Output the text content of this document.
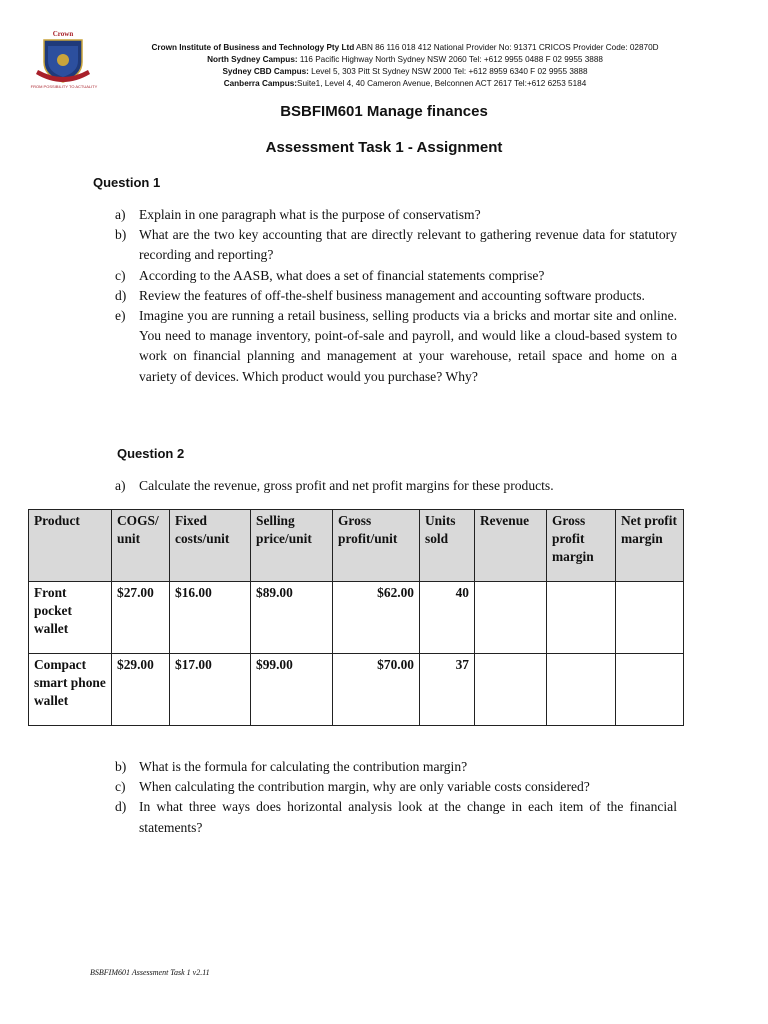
Crown
FROM POSSIBILITY TO ACTUALITY
Crown Institute of Business and Technology Pty Ltd ABN 86 116 018 412 National Provider No: 91371 CRICOS Provider Code: 02870D
North Sydney Campus: 116 Pacific Highway North Sydney NSW 2060 Tel: +612 9955 0488 F 02 9955 3888
Sydney CBD Campus: Level 5, 303 Pitt St Sydney NSW 2000 Tel: +612 8959 6340 F 02 9955 3888
Canberra Campus:Suite1, Level 4, 40 Cameron Avenue, Belconnen ACT 2617 Tel:+612 6253 5184
BSBFIM601 Manage finances
Assessment Task 1 - Assignment
Question 1
a) Explain in one paragraph what is the purpose of conservatism?
b) What are the two key accounting that are directly relevant to gathering revenue data for statutory recording and reporting?
c) According to the AASB, what does a set of financial statements comprise?
d) Review the features of off-the-shelf business management and accounting software products.
e) Imagine you are running a retail business, selling products via a bricks and mortar site and online. You need to manage inventory, point-of-sale and payroll, and would like a cloud-based system to work on financial planning and management at your warehouse, retail space and home on a variety of devices. Which product would you purchase? Why?
Question 2
a) Calculate the revenue, gross profit and net profit margins for these products.
Product	COGS/ unit	Fixed costs/unit	Selling price/unit	Gross profit/unit	Units sold	Revenue	Gross profit margin	Net profit margin
Front pocket wallet	$27.00	$16.00	$89.00	$62.00	40			
Compact smart phone wallet	$29.00	$17.00	$99.00	$70.00	37			
b) What is the formula for calculating the contribution margin?
c) When calculating the contribution margin, why are only variable costs considered?
d) In what three ways does horizontal analysis look at the change in each item of the financial statements?
BSBFIM601 Assessment Task 1 v2.11
